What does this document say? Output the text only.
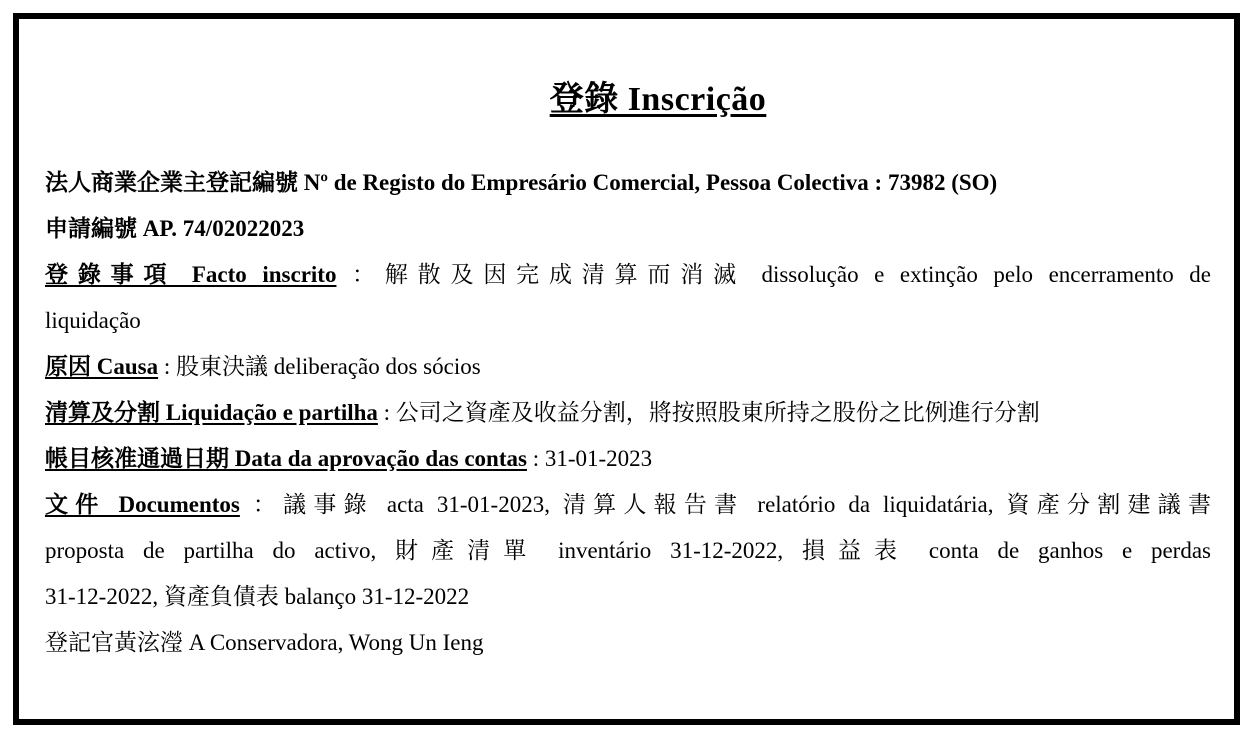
登錄 Inscrição
法人商業企業主登記編號 Nº de Registo do Empresário Comercial, Pessoa Colectiva : 73982 (SO)
申請編號 AP. 74/02022023
登錄事項 Facto inscrito ：解散及因完成清算而消滅 dissolução e extinção pelo encerramento de
liquidação
原因 Causa : 股東決議 deliberação dos sócios
清算及分割 Liquidação e partilha : 公司之資產及收益分割，將按照股東所持之股份之比例進行分割
帳目核准通過日期 Data da aprovação das contas : 31-01-2023
文件 Documentos ：議事錄 acta 31-01-2023, 清算人報告書 relatório da liquidatária, 資產分割建議書
proposta de partilha do activo, 財產清單 inventário 31-12-2022, 損益表 conta de ganhos e perdas
31-12-2022, 資產負債表 balanço 31-12-2022
登記官黃泫瀅 A Conservadora, Wong Un Ieng
